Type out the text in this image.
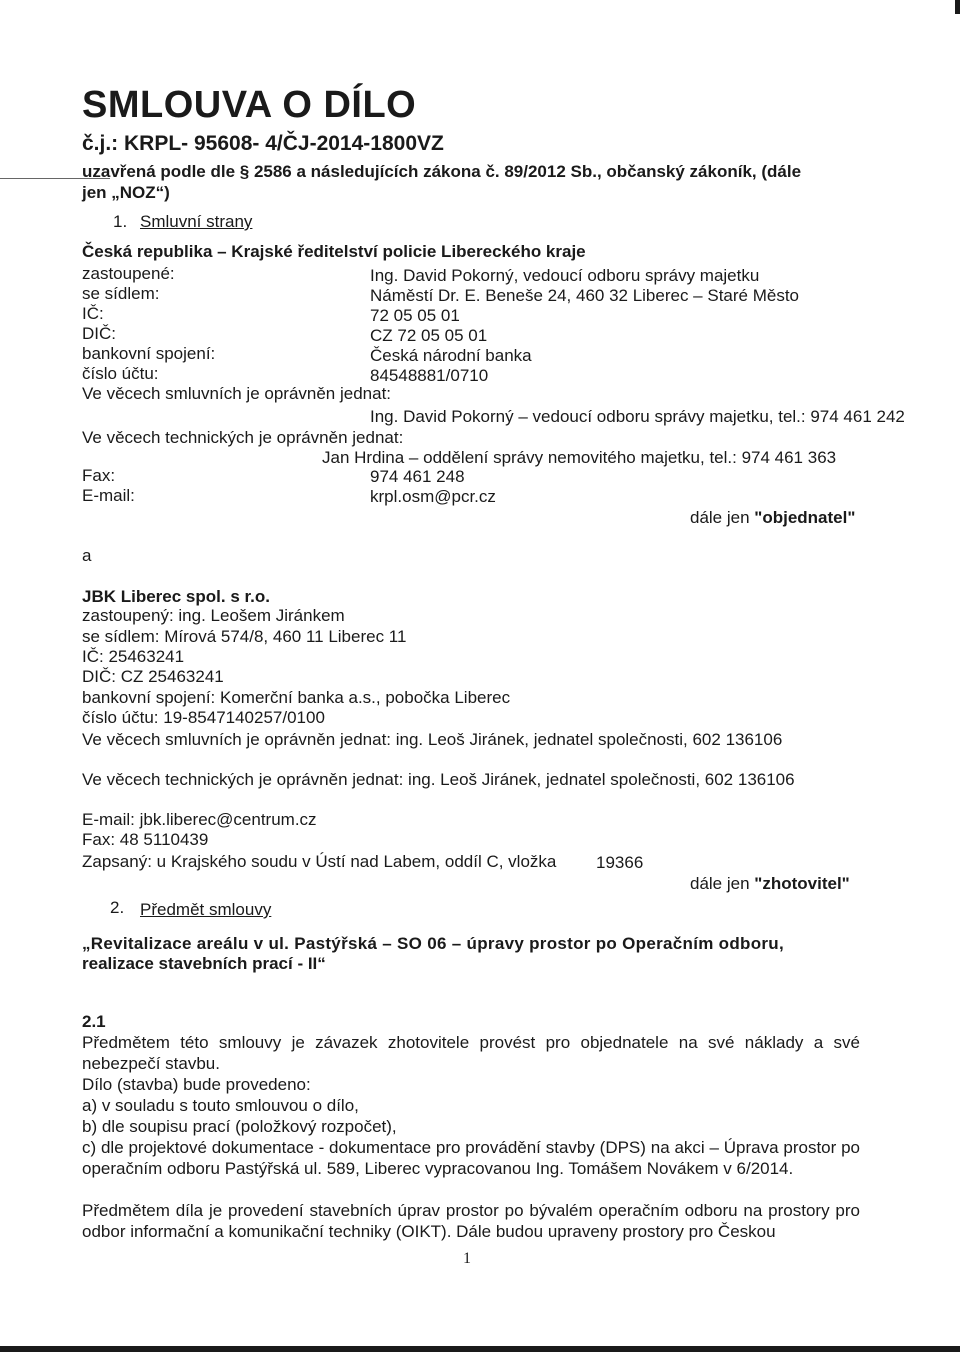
SMLOUVA O DÍLO
č.j.: KRPL- 95608- 4/ČJ-2014-1800VZ
uzavřená podle dle § 2586 a následujících zákona č. 89/2012 Sb., občanský zákoník, (dále
jen „NOZ“)
1. Smluvní strany
Česká republika – Krajské ředitelství policie Libereckého kraje
zastoupené:	Ing. David Pokorný, vedoucí odboru správy majetku
se sídlem:	Náměstí Dr. E. Beneše 24, 460 32 Liberec – Staré Město
IČ:	72 05 05 01
DIČ:	CZ 72 05 05 01
bankovní spojení:	Česká národní banka
číslo účtu:	84548881/0710
Ve věcech smluvních je oprávněn jednat:
Ing. David Pokorný – vedoucí odboru správy majetku, tel.: 974 461 242
Ve věcech technických je oprávněn jednat:
Jan Hrdina – oddělení správy nemovitého majetku, tel.: 974 461 363
Fax:	974 461 248
E-mail:	krpl.osm@pcr.cz
dále jen "objednatel"
a
JBK Liberec spol. s r.o.
zastoupený: ing. Leošem Jiránkem
se sídlem: Mírová 574/8, 460 11 Liberec 11
IČ: 25463241
DIČ: CZ 25463241
bankovní spojení: Komerční banka a.s., pobočka Liberec
číslo účtu: 19-8547140257/0100
Ve věcech smluvních je oprávněn jednat: ing. Leoš Jiránek, jednatel společnosti, 602 136106
Ve věcech technických je oprávněn jednat: ing. Leoš Jiránek, jednatel společnosti, 602 136106
E-mail: jbk.liberec@centrum.cz
Fax: 48 5110439
Zapsaný: u Krajského soudu v Ústí nad Labem, oddíl C, vložka 19366
dále jen "zhotovitel"
2. Předmět smlouvy
„Revitalizace areálu v ul. Pastýřská – SO 06 – úpravy prostor po Operačním odboru,
realizace stavebních prací - II“
2.1
Předmětem této smlouvy je závazek zhotovitele provést pro objednatele na své náklady a své nebezpečí stavbu.
Dílo (stavba) bude provedeno:
a) v souladu s touto smlouvou o dílo,
b) dle soupisu prací (položkový rozpočet),
c) dle projektové dokumentace - dokumentace pro provádění stavby (DPS) na akci – Úprava prostor po operačním odboru Pastýřská ul. 589, Liberec vypracovanou Ing. Tomášem Novákem v 6/2014.
Předmětem díla je provedení stavebních úprav prostor po bývalém operačním odboru na prostory pro odbor informační a komunikační techniky (OIKT). Dále budou upraveny prostory pro Českou
1
